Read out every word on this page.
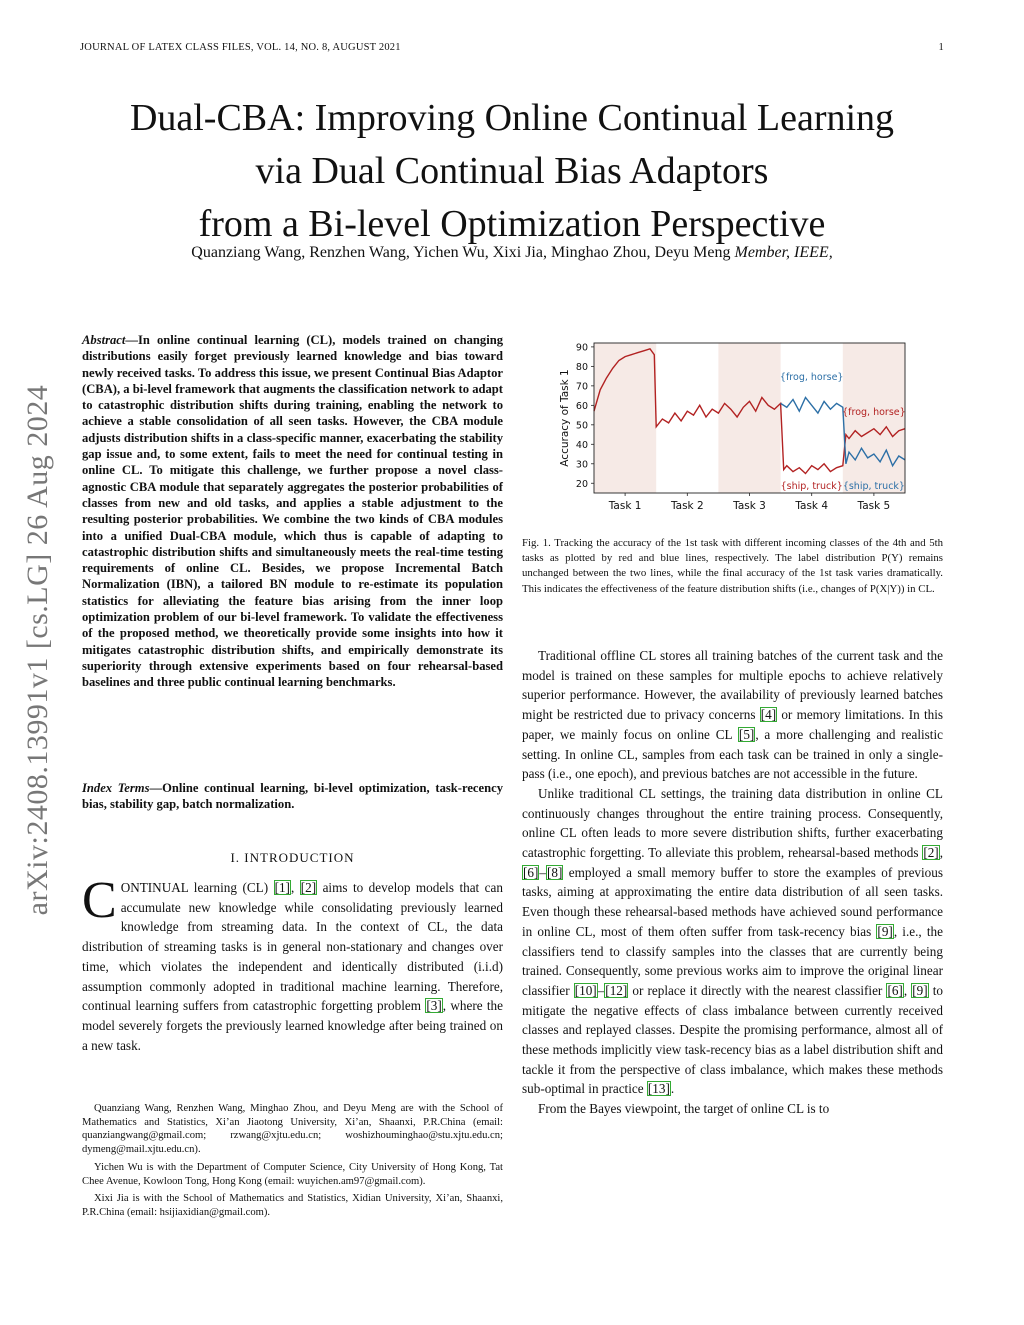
JOURNAL OF LATEX CLASS FILES, VOL. 14, NO. 8, AUGUST 2021	1
Dual-CBA: Improving Online Continual Learning
via Dual Continual Bias Adaptors
from a Bi-level Optimization Perspective
Quanziang Wang, Renzhen Wang, Yichen Wu, Xixi Jia, Minghao Zhou, Deyu Meng Member, IEEE,
arXiv:2408.13991v1 [cs.LG] 26 Aug 2024
Abstract—In online continual learning (CL), models trained on changing distributions easily forget previously learned knowledge and bias toward newly received tasks. To address this issue, we present Continual Bias Adaptor (CBA), a bi-level framework that augments the classification network to adapt to catastrophic distribution shifts during training, enabling the network to achieve a stable consolidation of all seen tasks. However, the CBA module adjusts distribution shifts in a class-specific manner, exacerbating the stability gap issue and, to some extent, fails to meet the need for continual testing in online CL. To mitigate this challenge, we further propose a novel class-agnostic CBA module that separately aggregates the posterior probabilities of classes from new and old tasks, and applies a stable adjustment to the resulting posterior probabilities. We combine the two kinds of CBA modules into a unified Dual-CBA module, which thus is capable of adapting to catastrophic distribution shifts and simultaneously meets the real-time testing requirements of online CL. Besides, we propose Incremental Batch Normalization (IBN), a tailored BN module to re-estimate its population statistics for alleviating the feature bias arising from the inner loop optimization problem of our bi-level framework. To validate the effectiveness of the proposed method, we theoretically provide some insights into how it mitigates catastrophic distribution shifts, and empirically demonstrate its superiority through extensive experiments based on four rehearsal-based baselines and three public continual learning benchmarks.
Index Terms—Online continual learning, bi-level optimization, task-recency bias, stability gap, batch normalization.
I. INTRODUCTION
CONTINUAL learning (CL) [1], [2] aims to develop models that can accumulate new knowledge while consolidating previously learned knowledge from streaming data. In the context of CL, the data distribution of streaming tasks is in general non-stationary and changes over time, which violates the independent and identically distributed (i.i.d) assumption commonly adopted in traditional machine learning. Therefore, continual learning suffers from catastrophic forgetting problem [3], where the model severely forgets the previously learned knowledge after being trained on a new task.

Quanziang Wang, Renzhen Wang, Minghao Zhou, and Deyu Meng are with the School of Mathematics and Statistics, Xi’an Jiaotong University, Xi’an, Shaanxi, P.R.China (email: quanziangwang@gmail.com; rzwang@xjtu.edu.cn; woshizhouminghao@stu.xjtu.edu.cn; dymeng@mail.xjtu.edu.cn).

Yichen Wu is with the Department of Computer Science, City University of Hong Kong, Tat Chee Avenue, Kowloon Tong, Hong Kong (email: wuyichen.am97@gmail.com).

Xixi Jia is with the School of Mathematics and Statistics, Xidian University, Xi’an, Shaanxi, P.R.China (email: hsijiaxidian@gmail.com).

20
30
40
50
60
70
80
90
Task 1	Task 2	Task 3	Task 4	Task 5
Accuracy of Task 1	{frog, horse}
{frog, horse}
{ship, truck} {ship, truck}
Fig. 1. Tracking the accuracy of the 1st task with different incoming classes of the 4th and 5th tasks as plotted by red and blue lines, respectively. The label distribution P(Y) remains unchanged between the two lines, while the final accuracy of the 1st task varies dramatically. This indicates the effectiveness of the feature distribution shifts (i.e., changes of P(X|Y)) in CL.

Traditional offline CL stores all training batches of the current task and the model is trained on these samples for multiple epochs to achieve relatively superior performance. However, the availability of previously learned batches might be restricted due to privacy concerns [4] or memory limitations. In this paper, we mainly focus on online CL [5], a more challenging and realistic setting. In online CL, samples from each task can be trained in only a single-pass (i.e., one epoch), and previous batches are not accessible in the future.

Unlike traditional CL settings, the training data distribution in online CL continuously changes throughout the entire training process. Consequently, online CL often leads to more severe distribution shifts, further exacerbating catastrophic forgetting. To alleviate this problem, rehearsal-based methods [2], [6]–[8] employed a small memory buffer to store the examples of previous tasks, aiming at approximating the entire data distribution of all seen tasks. Even though these rehearsal-based methods have achieved sound performance in online CL, most of them often suffer from task-recency bias [9], i.e., the classifiers tend to classify samples into the classes that are currently being trained. Consequently, some previous works aim to improve the original linear classifier [10]–[12] or replace it directly with the nearest classifier [6], [9] to mitigate the negative effects of class imbalance between currently received classes and replayed classes. Despite the promising performance, almost all of these methods implicitly view task-recency bias as a label distribution shift and tackle it from the perspective of class imbalance, which makes these methods sub-optimal in practice [13].

From the Bayes viewpoint, the target of online CL is to
